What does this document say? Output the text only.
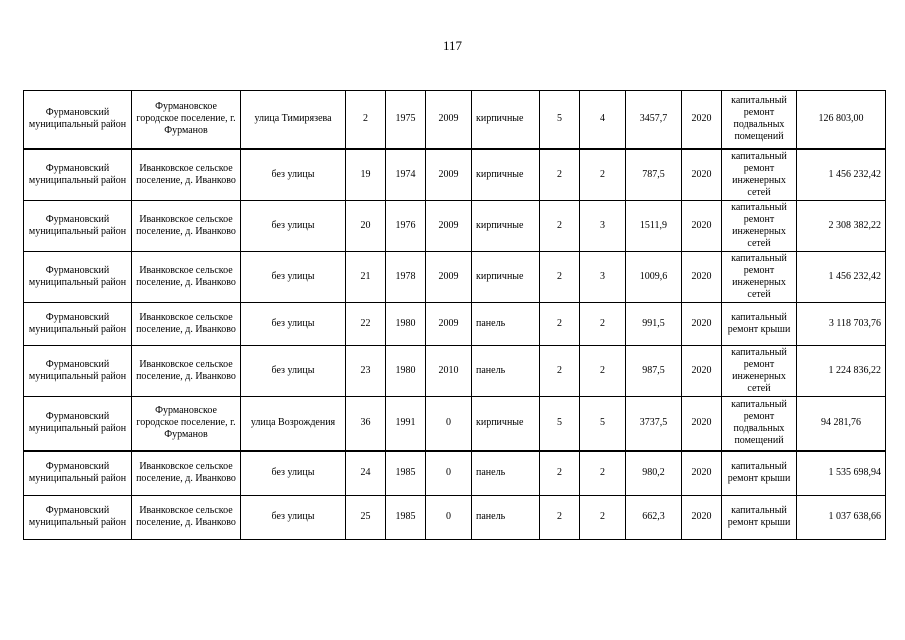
117
Фурмановский муниципальный район	Фурмановское городское поселение, г. Фурманов	улица Тимирязева	2	1975	2009	кирпичные	5	4	3457,7	2020	капитальный ремонт подвальных помещений	126 803,00
Фурмановский муниципальный район	Иванковское сельское поселение, д. Иванково	без улицы	19	1974	2009	кирпичные	2	2	787,5	2020	капитальный ремонт инженерных сетей	1 456 232,42
Фурмановский муниципальный район	Иванковское сельское поселение, д. Иванково	без улицы	20	1976	2009	кирпичные	2	3	1511,9	2020	капитальный ремонт инженерных сетей	2 308 382,22
Фурмановский муниципальный район	Иванковское сельское поселение, д. Иванково	без улицы	21	1978	2009	кирпичные	2	3	1009,6	2020	капитальный ремонт инженерных сетей	1 456 232,42
Фурмановский муниципальный район	Иванковское сельское поселение, д. Иванково	без улицы	22	1980	2009	панель	2	2	991,5	2020	капитальный ремонт крыши	3 118 703,76
Фурмановский муниципальный район	Иванковское сельское поселение, д. Иванково	без улицы	23	1980	2010	панель	2	2	987,5	2020	капитальный ремонт инженерных сетей	1 224 836,22
Фурмановский муниципальный район	Фурмановское городское поселение, г. Фурманов	улица Возрождения	36	1991	0	кирпичные	5	5	3737,5	2020	капитальный ремонт подвальных помещений	94 281,76
Фурмановский муниципальный район	Иванковское сельское поселение, д. Иванково	без улицы	24	1985	0	панель	2	2	980,2	2020	капитальный ремонт крыши	1 535 698,94
Фурмановский муниципальный район	Иванковское сельское поселение, д. Иванково	без улицы	25	1985	0	панель	2	2	662,3	2020	капитальный ремонт крыши	1 037 638,66
